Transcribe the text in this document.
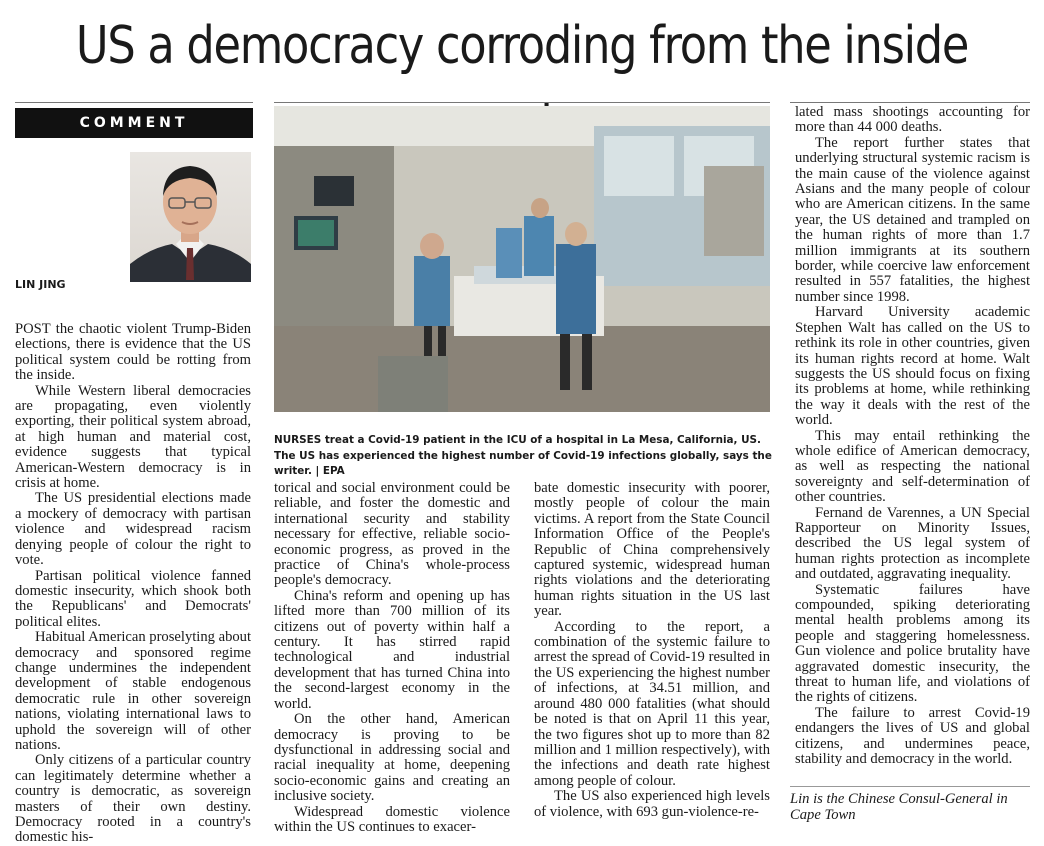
US a democracy corroding from the inside
COMMENT
LIN JING
NURSES treat a Covid-19 patient in the ICU of a hospital in La Mesa, California, US. The US has experienced the highest number of Covid-19 infections globally, says the writer. | EPA

POST the chaotic violent Trump-Biden elections, there is evidence that the US political system could be rotting from the inside.

While Western liberal democracies are propagating, even violently exporting, their political system abroad, at high human and material cost, evidence suggests that typical American-Western democracy is in crisis at home.

The US presidential elections made a mockery of democracy with partisan violence and widespread racism denying people of colour the right to vote.

Partisan political violence fanned domestic insecurity, which shook both the Republicans' and Democrats' political elites.

Habitual American proselyting about democracy and sponsored regime change undermines the independent development of stable endogenous democratic rule in other sovereign nations, violating international laws to uphold the sovereign will of other nations.

Only citizens of a particular country can legitimately determine whether a country is democratic, as sovereign masters of their own destiny. Democracy rooted in a country's domestic his-

torical and social environment could be reliable, and foster the domestic and international security and stability necessary for effective, reliable socio-economic progress, as proved in the practice of China's whole-process people's democracy.

China's reform and opening up has lifted more than 700 million of its citizens out of poverty within half a century. It has stirred rapid technological and industrial development that has turned China into the second-largest economy in the world.

On the other hand, American democracy is proving to be dysfunctional in addressing social and racial inequality at home, deepening socio-economic gains and creating an inclusive society.

Widespread domestic violence within the US continues to exacer-

bate domestic insecurity with poorer, mostly people of colour the main victims. A report from the State Council Information Office of the People's Republic of China comprehensively captured systemic, widespread human rights violations and the deteriorating human rights situation in the US last year.

According to the report, a combination of the systemic failure to arrest the spread of Covid-19 resulted in the US experiencing the highest number of infections, at 34.51 million, and around 480 000 fatalities (what should be noted is that on April 11 this year, the two figures shot up to more than 82 million and 1 million respectively), with the infections and death rate highest among people of colour.

The US also experienced high levels of violence, with 693 gun-violence-re-

lated mass shootings accounting for more than 44 000 deaths.

The report further states that underlying structural systemic racism is the main cause of the violence against Asians and the many people of colour who are American citizens. In the same year, the US detained and trampled on the human rights of more than 1.7 million immigrants at its southern border, while coercive law enforcement resulted in 557 fatalities, the highest number since 1998.

Harvard University academic Stephen Walt has called on the US to rethink its role in other countries, given its human rights record at home. Walt suggests the US should focus on fixing its problems at home, while rethinking the way it deals with the rest of the world.

This may entail rethinking the whole edifice of American democracy, as well as respecting the national sovereignty and self-determination of other countries.

Fernand de Varennes, a UN Special Rapporteur on Minority Issues, described the US legal system of human rights protection as incomplete and outdated, aggravating inequality.

Systematic failures have compounded, spiking deteriorating mental health problems among its people and staggering homelessness. Gun violence and police brutality have aggravated domestic insecurity, the threat to human life, and violations of the rights of citizens.

The failure to arrest Covid-19 endangers the lives of US and global citizens, and undermines peace, stability and democracy in the world.

Lin is the Chinese Consul-General in Cape Town
